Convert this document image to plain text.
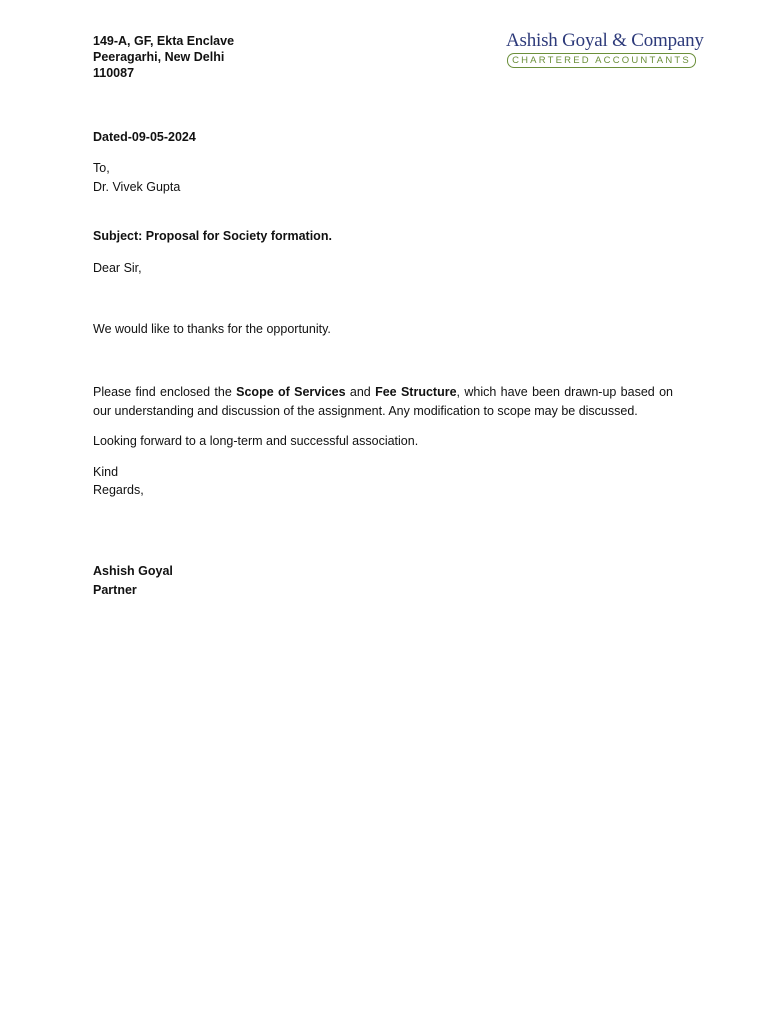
149-A, GF, Ekta Enclave
Peeragarhi, New Delhi
110087
Ashish Goyal & Company
CHARTERED ACCOUNTANTS
Dated-09-05-2024
To,
Dr. Vivek Gupta
Subject: Proposal for Society formation.
Dear Sir,
We would like to thanks for the opportunity.
Please find enclosed the Scope of Services and Fee Structure, which have been drawn-up based on our understanding and discussion of the assignment. Any modification to scope may be discussed.
Looking forward to a long-term and successful association.
Kind
Regards,
Ashish Goyal
Partner
